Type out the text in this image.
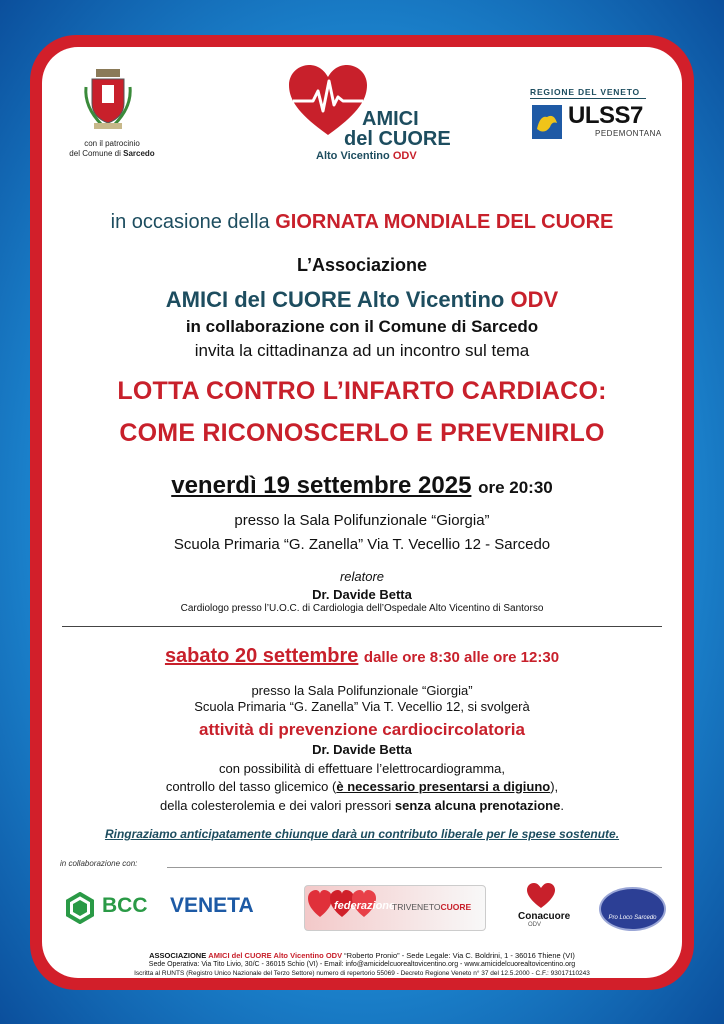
con il patrocinio
del Comune di Sarcedo
AMICI
del CUORE
Alto Vicentino ODV
REGIONE DEL VENETO
ULSS7
PEDEMONTANA
in occasione della GIORNATA MONDIALE DEL CUORE
L’Associazione
AMICI del CUORE Alto Vicentino ODV
in collaborazione con il Comune di Sarcedo
invita la cittadinanza ad un incontro sul tema
LOTTA CONTRO L’INFARTO CARDIACO:
COME RICONOSCERLO E PREVENIRLO
venerdì 19 settembre 2025 ore 20:30
presso la Sala Polifunzionale “Giorgia”
Scuola Primaria “G. Zanella” Via T. Vecellio 12 - Sarcedo
relatore
Dr. Davide Betta
Cardiologo presso l’U.O.C. di Cardiologia dell’Ospedale Alto Vicentino di Santorso
sabato 20 settembre dalle ore 8:30 alle ore 12:30
presso la Sala Polifunzionale “Giorgia”
Scuola Primaria “G. Zanella” Via T. Vecellio 12, si svolgerà
attività di prevenzione cardiocircolatoria
Dr. Davide Betta
con possibilità di effettuare l’elettrocardiogramma,
controllo del tasso glicemico (è necessario presentarsi a digiuno),
della colesterolemia e dei valori pressori senza alcuna prenotazione.
Ringraziamo anticipatamente chiunque darà un contributo liberale per le spese sostenute.
in collaborazione con:
BCC VENETA	federazione
TRIVENETOCUORE
Conacuore
ODV
Pro Loco Sarcedo
ASSOCIAZIONE AMICI del CUORE Alto Vicentino ODV “Roberto Pronio” - Sede Legale: Via C. Boldrini, 1 - 36016 Thiene (VI)
Sede Operativa: Via Tito Livio, 30/C - 36015 Schio (VI) - Email: info@amicidelcuorealtovicentino.org - www.amicidelcuorealtovicentino.org
Iscritta al RUNTS (Registro Unico Nazionale del Terzo Settore) numero di repertorio 55069 - Decreto Regione Veneto n° 37 del 12.5.2000 - C.F.: 93017110243
